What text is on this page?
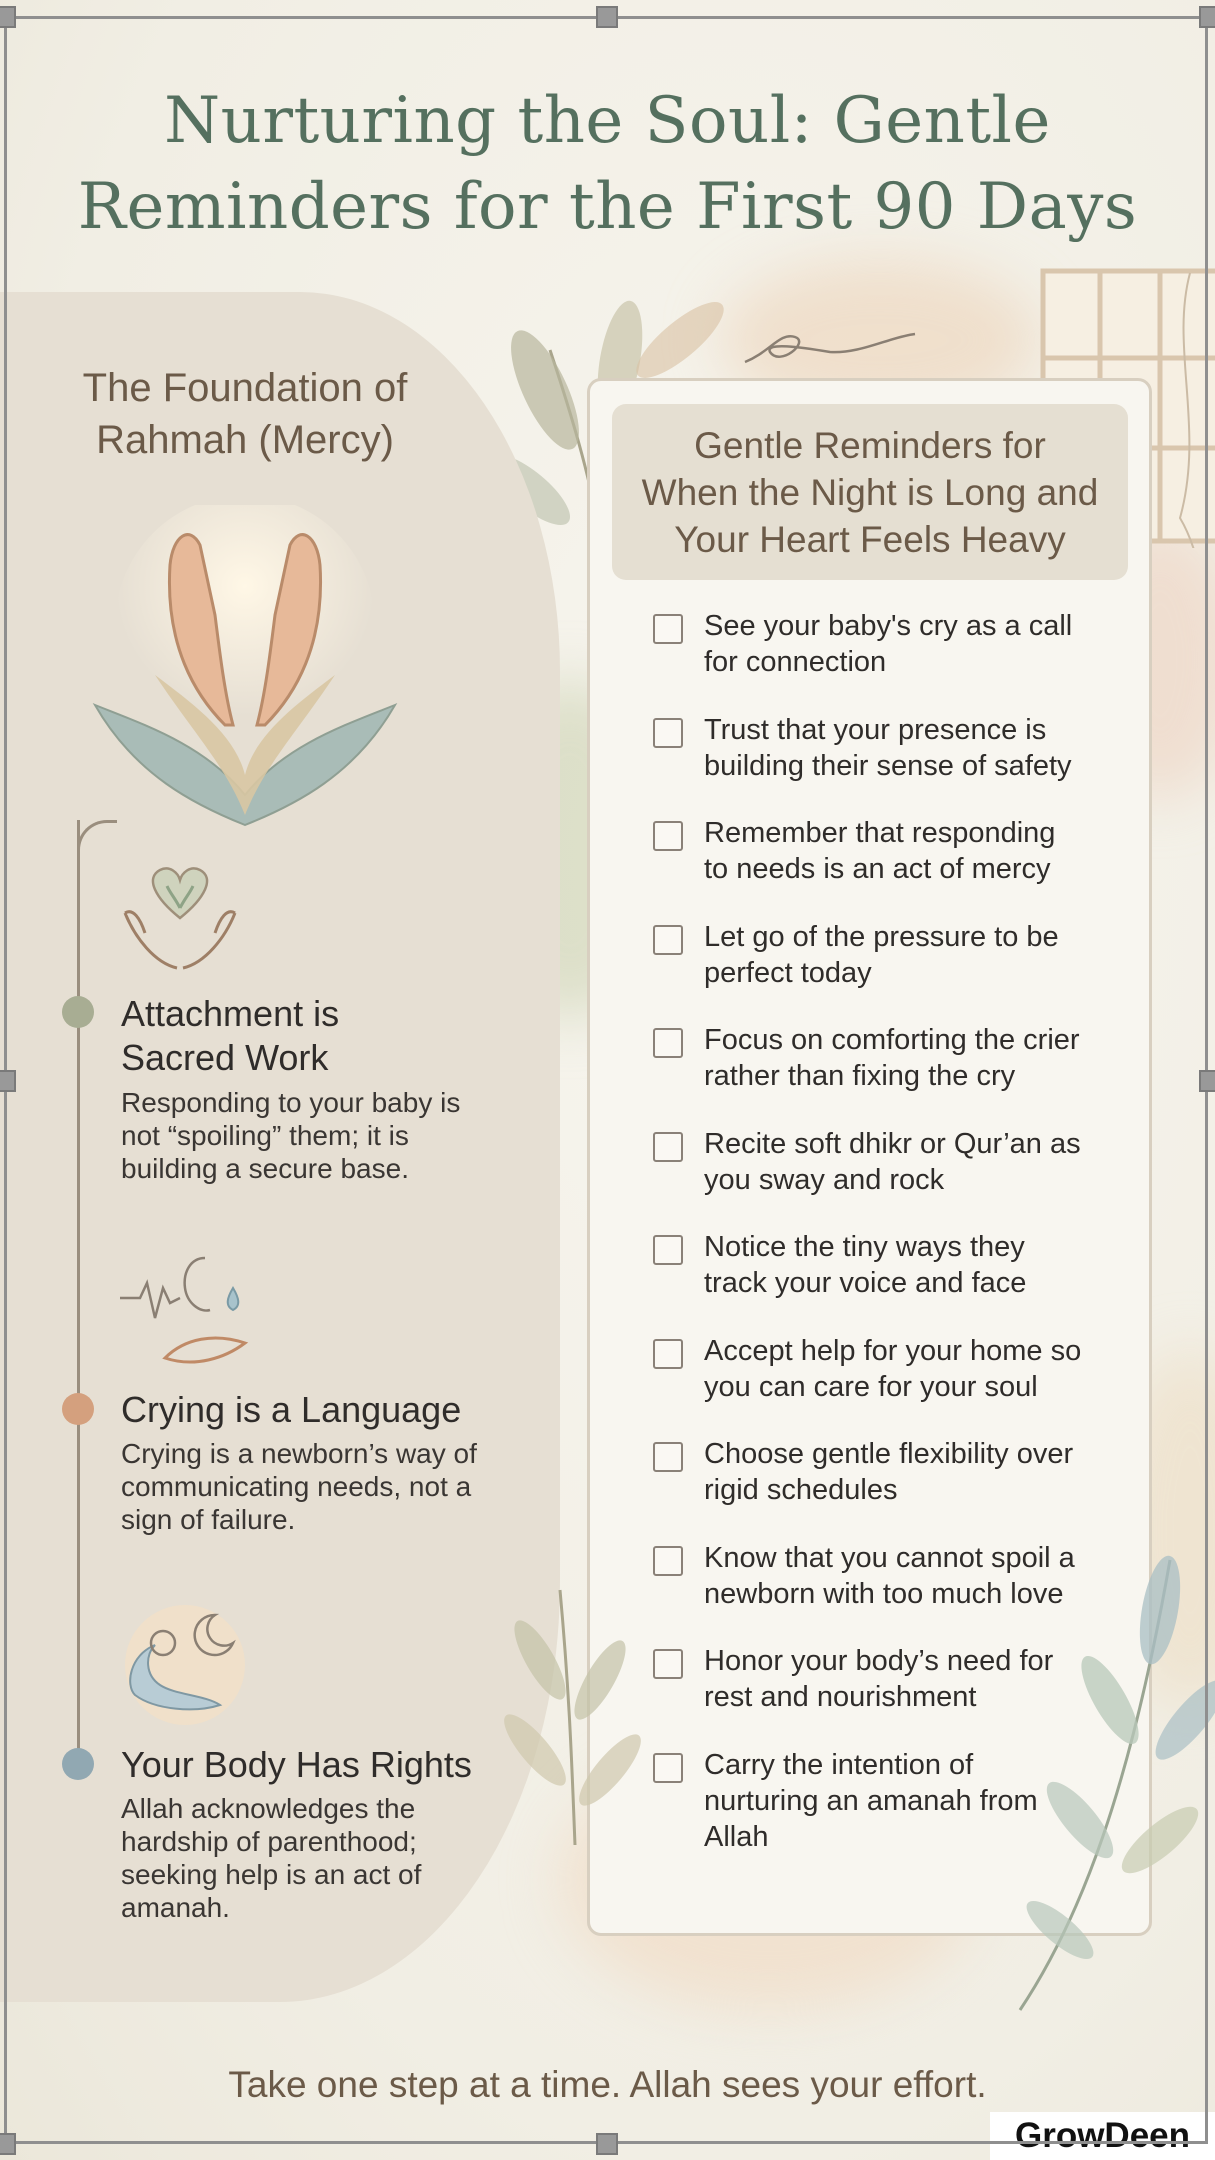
The Foundation of
Rahmah (Mercy)
Attachment is Sacred Work
Responding to your baby is not “spoiling” them; it is building a secure base.
Crying is a Language
Crying is a newborn’s way of communicating needs, not a sign of failure.
Your Body Has Rights
Allah acknowledges the hardship of parenthood; seeking help is an act of amanah.
Gentle Reminders for
When the Night is Long and
Your Heart Feels Heavy
See your baby's cry as a call
for connection
Trust that your presence is
building their sense of safety
Remember that responding
to needs is an act of mercy
Let go of the pressure to be
perfect today
Focus on comforting the crier
rather than fixing the cry
Recite soft dhikr or Qur’an as
you sway and rock
Notice the tiny ways they
track your voice and face
Accept help for your home so
you can care for your soul
Choose gentle flexibility over
rigid schedules
Know that you cannot spoil a
newborn with too much love
Honor your body’s need for
rest and nourishment
Carry the intention of
nurturing an amanah from
Allah
Nurturing the Soul: Gentle
Reminders for the First 90 Days
Take one step at a time. Allah sees your effort.
GrowDeen
